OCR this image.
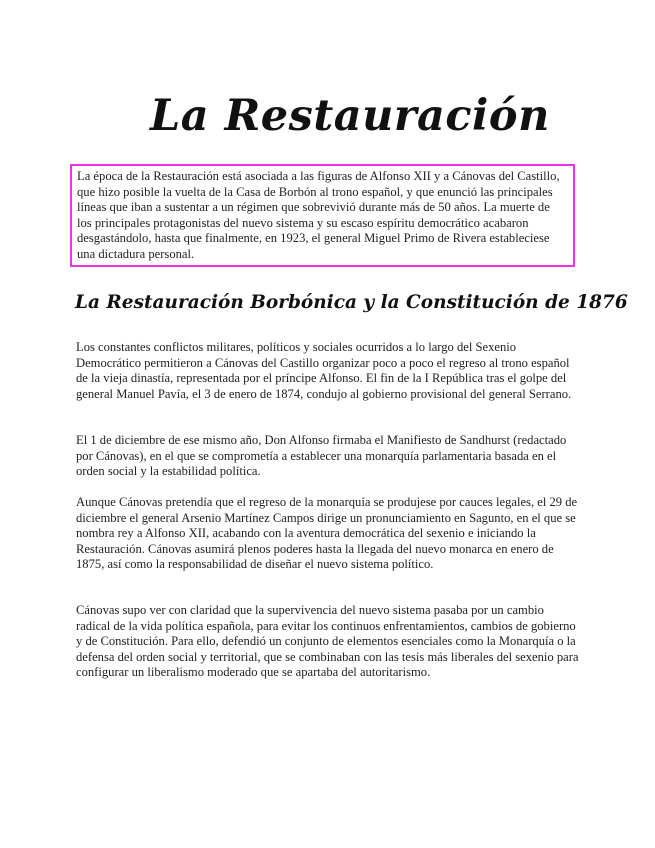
La Restauración

La época de la Restauración está asociada a las figuras de Alfonso XII y a Cánovas del Castillo, que hizo posible la vuelta de la Casa de Borbón al trono español, y que enunció las principales líneas que iban a sustentar a un régimen que sobrevivió durante más de 50 años. La muerte de los principales protagonistas del nuevo sistema y su escaso espíritu democrático acabaron desgastándolo, hasta que finalmente, en 1923, el general Miguel Primo de Rivera estableciese una dictadura personal.

La Restauración Borbónica y la Constitución de 1876

Los constantes conflictos militares, políticos y sociales ocurridos a lo largo del Sexenio Democrático permitieron a Cánovas del Castillo organizar poco a poco el regreso al trono español de la vieja dinastía, representada por el príncipe Alfonso. El fin de la I República tras el golpe del general Manuel Pavía, el 3 de enero de 1874, condujo al gobierno provisional del general Serrano.

El 1 de diciembre de ese mismo año, Don Alfonso firmaba el Manifiesto de Sandhurst (redactado por Cánovas), en el que se comprometía a establecer una monarquía parlamentaria basada en el orden social y la estabilidad política.

Aunque Cánovas pretendía que el regreso de la monarquía se produjese por cauces legales, el 29 de diciembre el general Arsenio Martínez Campos dirige un pronunciamiento en Sagunto, en el que se nombra rey a Alfonso XII, acabando con la aventura democrática del sexenio e iniciando la Restauración. Cánovas asumirá plenos poderes hasta la llegada del nuevo monarca en enero de 1875, así como la responsabilidad de diseñar el nuevo sistema político.

Cánovas supo ver con claridad que la supervivencia del nuevo sistema pasaba por un cambio radical de la vida política española, para evitar los continuos enfrentamientos, cambios de gobierno y de Constitución. Para ello, defendió un conjunto de elementos esenciales como la Monarquía o la defensa del orden social y territorial, que se combinaban con las tesis más liberales del sexenio para configurar un liberalismo moderado que se apartaba del autoritarismo.
